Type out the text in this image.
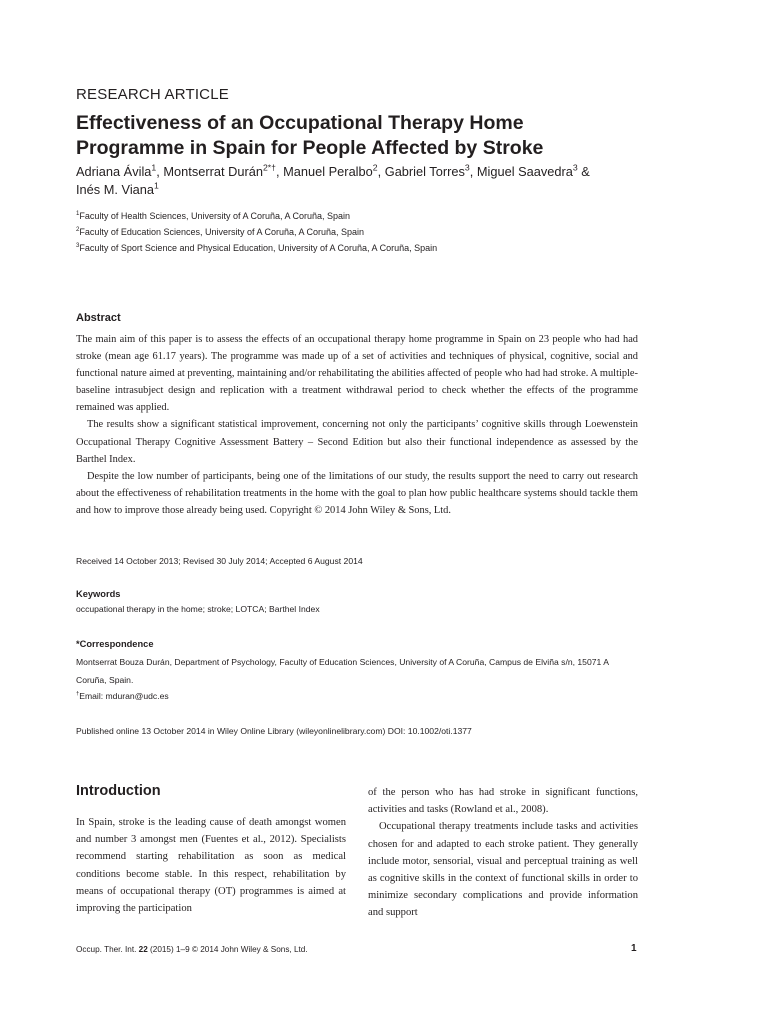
RESEARCH ARTICLE
Effectiveness of an Occupational Therapy Home
Programme in Spain for People Affected by Stroke
Adriana Ávila$^1$, Montserrat Durán$^{2*\dagger}$, Manuel Peralbo$^2$, Gabriel Torres$^3$, Miguel Saavedra$^3$ &
Inés M. Viana$^1$
$^1$Faculty of Health Sciences, University of A Coruña, A Coruña, Spain
$^2$Faculty of Education Sciences, University of A Coruña, A Coruña, Spain
$^3$Faculty of Sport Science and Physical Education, University of A Coruña, A Coruña, Spain
Abstract

The main aim of this paper is to assess the effects of an occupational therapy home programme in Spain on 23 people who had had stroke (mean age 61.17 years). The programme was made up of a set of activities and techniques of physical, cognitive, social and functional nature aimed at preventing, maintaining and/or rehabilitating the abilities affected of people who had had stroke. A multiple-baseline intrasubject design and replication with a treatment withdrawal period to check whether the effects of the programme remained was applied.

The results show a significant statistical improvement, concerning not only the participants’ cognitive skills through Loewenstein Occupational Therapy Cognitive Assessment Battery – Second Edition but also their functional independence as assessed by the Barthel Index.

Despite the low number of participants, being one of the limitations of our study, the results support the need to carry out research about the effectiveness of rehabilitation treatments in the home with the goal to plan how public healthcare systems should tackle them and how to improve those already being used. Copyright © 2014 John Wiley & Sons, Ltd.

Received 14 October 2013; Revised 30 July 2014; Accepted 6 August 2014
Keywords
occupational therapy in the home; stroke; LOTCA; Barthel Index
*Correspondence
Montserrat Bouza Durán, Department of Psychology, Faculty of Education Sciences, University of A Coruña, Campus de Elviña s/n, 15071 A
Coruña, Spain.
†Email: mduran@udc.es
Published online 13 October 2014 in Wiley Online Library (wileyonlinelibrary.com) DOI: 10.1002/oti.1377
Introduction

In Spain, stroke is the leading cause of death amongst women and number 3 amongst men (Fuentes et al., 2012). Specialists recommend starting rehabilitation as soon as medical conditions become stable. In this respect, rehabilitation by means of occupational therapy (OT) programmes is aimed at improving the participation

of the person who has had stroke in significant functions, activities and tasks (Rowland et al., 2008).

Occupational therapy treatments include tasks and activities chosen for and adapted to each stroke patient. They generally include motor, sensorial, visual and perceptual training as well as cognitive skills in the context of functional skills in order to minimize secondary complications and provide information and support

Occup. Ther. Int. 22 (2015) 1–9 © 2014 John Wiley & Sons, Ltd.	1
